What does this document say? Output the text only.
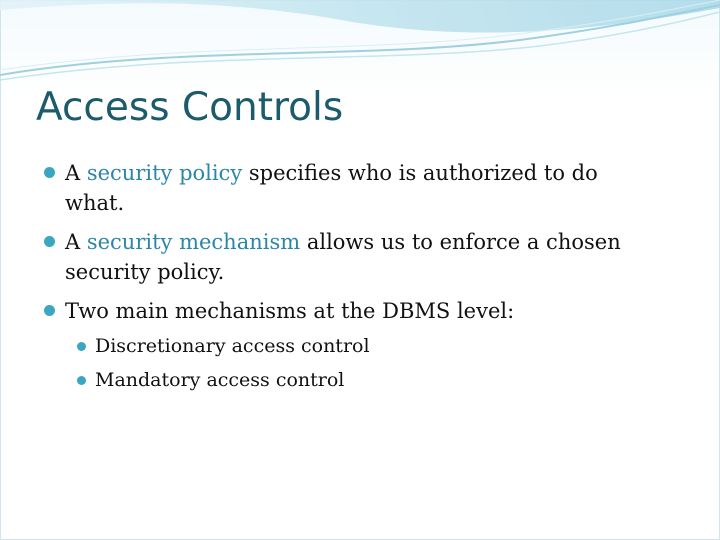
Access Controls
A security policy specifies who is authorized to do
what.
A security mechanism allows us to enforce a chosen
security policy.
Two main mechanisms at the DBMS level:
Discretionary access control
Mandatory access control
